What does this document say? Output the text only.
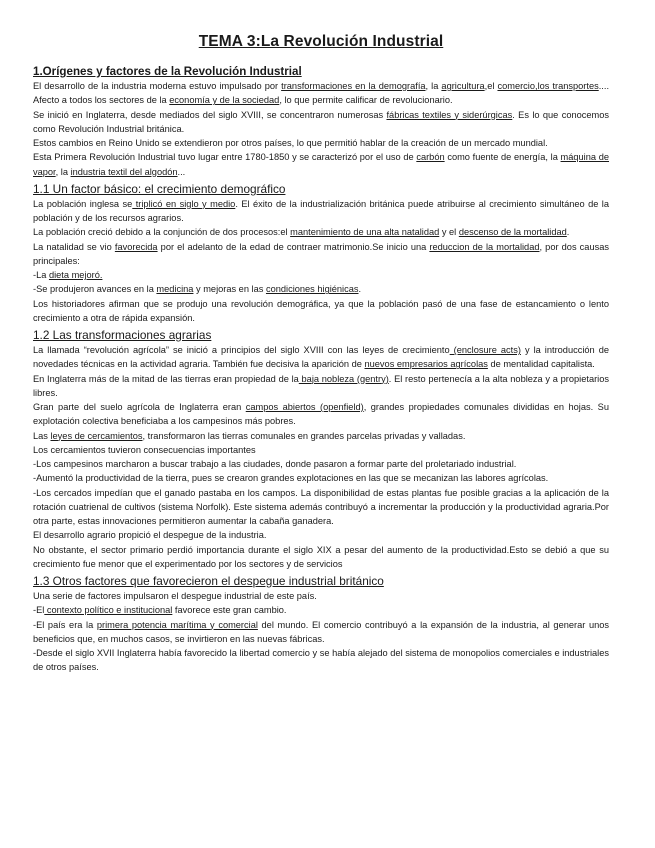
TEMA 3:La Revolución Industrial
1.Orígenes y factores de la Revolución Industrial

El desarrollo de la industria moderna estuvo impulsado por transformaciones en la demografía, la agricultura,el comercio,los transportes.... Afecto a todos los sectores de la economía y de la sociedad, lo que permite calificar de revolucionario.

Se inició en Inglaterra, desde mediados del siglo XVIII, se concentraron numerosas fábricas textiles y siderúrgicas. Es lo que conocemos como Revolución Industrial británica.

Estos cambios en Reino Unido se extendieron por otros países, lo que permitió hablar de la creación de un mercado mundial.

Esta Primera Revolución Industrial tuvo lugar entre 1780-1850 y se caracterizó por el uso de carbón como fuente de energía, la máquina de vapor, la industria textil del algodón...

1.1 Un factor básico: el crecimiento demográfico

La población inglesa se triplicó en siglo y medio. El éxito de la industrialización británica puede atribuirse al crecimiento simultáneo de la población y de los recursos agrarios.

La población creció debido a la conjunción de dos procesos:el mantenimiento de una alta natalidad y el descenso de la mortalidad.

La natalidad se vio favorecida por el adelanto de la edad de contraer matrimonio.Se inicio una reduccion de la mortalidad, por dos causas principales:

-La dieta mejoró.

-Se produjeron avances en la medicina y mejoras en las condiciones higiénicas.

Los historiadores afirman que se produjo una revolución demográfica, ya que la población pasó de una fase de estancamiento o lento crecimiento a otra de rápida expansión.

1.2 Las transformaciones agrarias

La llamada “revolución agrícola” se inició a principios del siglo XVIII con las leyes de crecimiento (enclosure acts) y la introducción de novedades técnicas en la actividad agraria. También fue decisiva la aparición de nuevos empresarios agrícolas de mentalidad capitalista.

En Inglaterra más de la mitad de las tierras eran propiedad de la baja nobleza (gentry). El resto pertenecía a la alta nobleza y a propietarios libres.

Gran parte del suelo agrícola de Inglaterra eran campos abiertos (openfield), grandes propiedades comunales divididas en hojas. Su explotación colectiva beneficiaba a los campesinos más pobres.

Las leyes de cercamientos, transformaron las tierras comunales en grandes parcelas privadas y valladas.

Los cercamientos tuvieron consecuencias importantes

-Los campesinos marcharon a buscar trabajo a las ciudades, donde pasaron a formar parte del proletariado industrial.

-Aumentó la productividad de la tierra, pues se crearon grandes explotaciones en las que se mecanizan las labores agrícolas.

-Los cercados impedían que el ganado pastaba en los campos. La disponibilidad de estas plantas fue posible gracias a la aplicación de la rotación cuatrienal de cultivos (sistema Norfolk). Este sistema además contribuyó a incrementar la producción y la productividad agraria.Por otra parte, estas innovaciones permitieron aumentar la cabaña ganadera.

El desarrollo agrario propició el despegue de la industria.

No obstante, el sector primario perdió importancia durante el siglo XIX a pesar del aumento de la productividad.Esto se debió a que su crecimiento fue menor que el experimentado por los sectores y de servicios

1.3 Otros factores que favorecieron el despegue industrial británico

Una serie de factores impulsaron el despegue industrial de este país.

-El contexto político e institucional favorece este gran cambio.

-El país era la primera potencia marítima y comercial del mundo. El comercio contribuyó a la expansión de la industria, al generar unos beneficios que, en muchos casos, se invirtieron en las nuevas fábricas.

-Desde el siglo XVII Inglaterra había favorecido la libertad comercio y se había alejado del sistema de monopolios comerciales e industriales de otros países.
